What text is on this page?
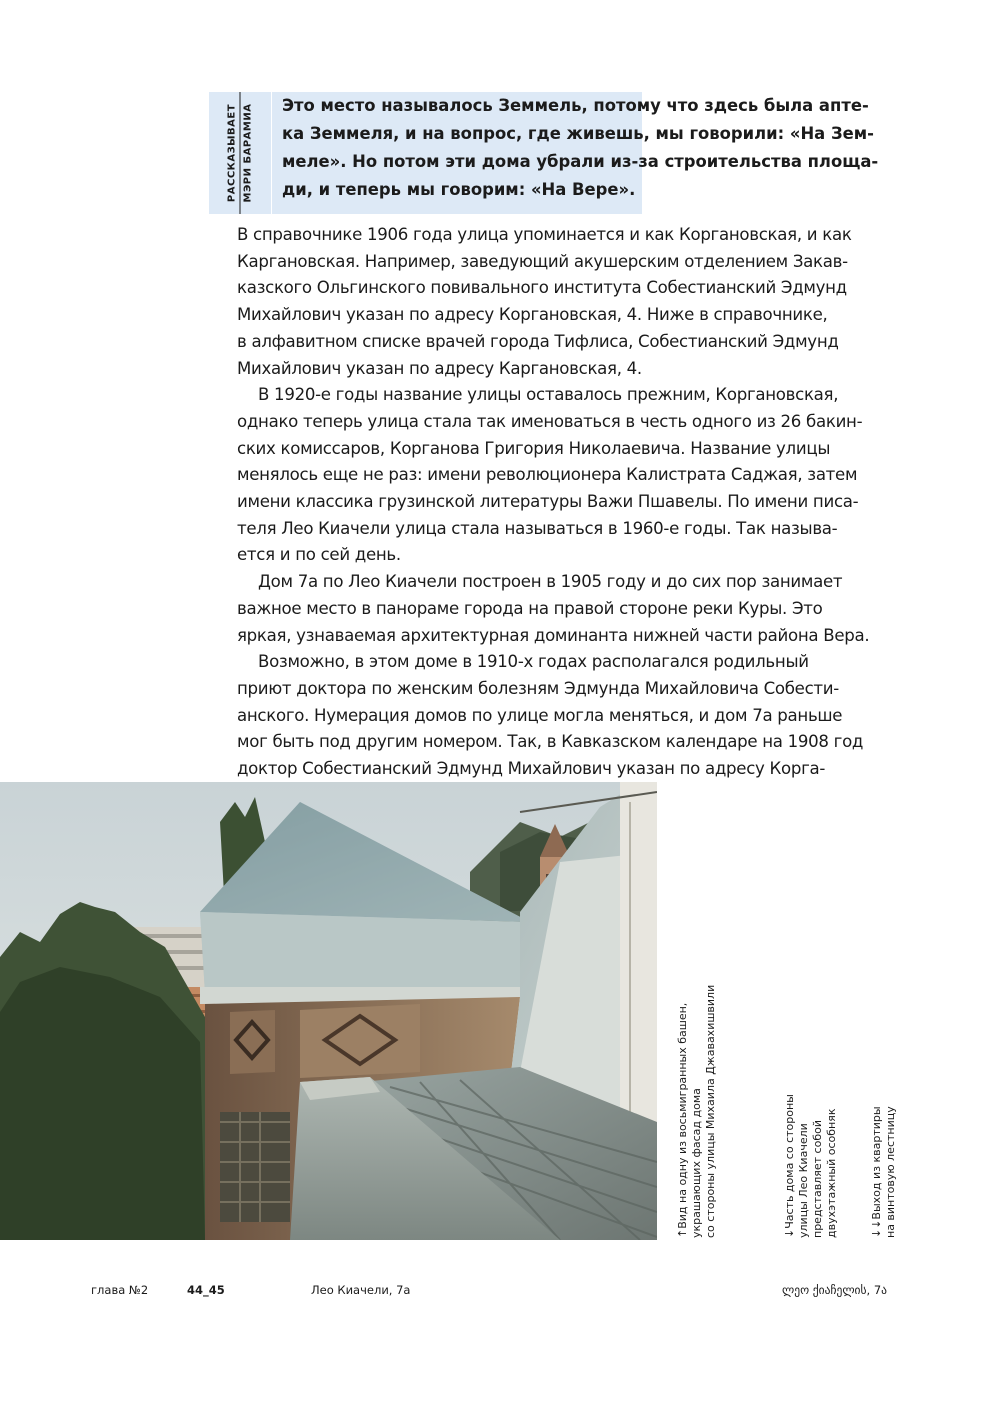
РАССКАЗЫВАЕТ МЭРИ БАРАМИА Это место называлось Земмель, потому что здесь была апте-
ка Земмеля, и на вопрос, где живешь, мы говорили: «На Зем-
меле». Но потом эти дома убрали из-за строительства площа-
ди, и теперь мы говорим: «На Вере».

В справочнике 1906 года улица упоминается и как Коргановская, и как
Каргановская. Например, заведующий акушерским отделением Закав-
казского Ольгинского повивального института Собестианский Эдмунд
Михайлович указан по адресу Коргановская, 4. Ниже в справочнике,
в алфавитном списке врачей города Тифлиса, Собестианский Эдмунд
Михайлович указан по адресу Каргановская, 4.
В 1920-е годы название улицы оставалось прежним, Коргановская,
однако теперь улица стала так именоваться в честь одного из 26 бакин-
ских комиссаров, Корганова Григория Николаевича. Название улицы
менялось еще не раз: имени революционера Калистрата Саджая, затем
имени классика грузинской литературы Важи Пшавелы. По имени писа-
теля Лео Киачели улица стала называться в 1960-е годы. Так называ-
ется и по сей день.
Дом 7а по Лео Киачели построен в 1905 году и до сих пор занимает
важное место в панораме города на правой стороне реки Куры. Это
яркая, узнаваемая архитектурная доминанта нижней части района Вера.
Возможно, в этом доме в 1910-х годах располагался родильный
приют доктора по женским болезням Эдмунда Михайловича Собести-
анского. Нумерация домов по улице могла меняться, и дом 7а раньше
мог быть под другим номером. Так, в Кавказском календаре на 1908 год
доктор Собестианский Эдмунд Михайлович указан по адресу Корга-

↑Вид на одну из восьмигранных башен, украшающих фасад дома со стороны улицы Михаила Джавахишвили	↓Часть дома со стороны улицы Лео Киачели представляет собой двухэтажный особняк	↓↓Выход из квартиры на винтовую лестницу
глава №2	44_45	Лео Киачели, 7а	ლეო ქიაჩელის, 7ა
